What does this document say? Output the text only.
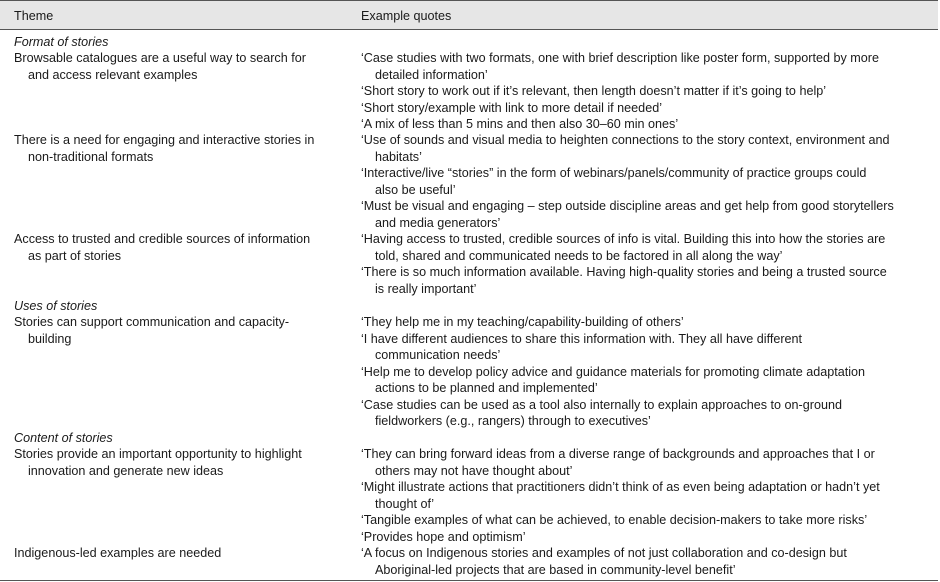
Theme	Example quotes
Format of stories
Uses of stories
Content of stories
Browsable catalogues are a useful way to search for
and access relevant examples
‘Case studies with two formats, one with brief description like poster form, supported by more
detailed information’
‘Short story to work out if it’s relevant, then length doesn’t matter if it’s going to help’
‘Short story/example with link to more detail if needed’
‘A mix of less than 5 mins and then also 30–60 min ones’
There is a need for engaging and interactive stories in
non-traditional formats
‘Use of sounds and visual media to heighten connections to the story context, environment and
habitats’
‘Interactive/live “stories” in the form of webinars/panels/community of practice groups could
also be useful’
‘Must be visual and engaging – step outside discipline areas and get help from good storytellers
and media generators’
Access to trusted and credible sources of information
as part of stories
‘Having access to trusted, credible sources of info is vital. Building this into how the stories are
told, shared and communicated needs to be factored in all along the way’
‘There is so much information available. Having high-quality stories and being a trusted source
is really important’
Stories can support communication and capacity-
building
‘They help me in my teaching/capability-building of others’
‘I have different audiences to share this information with. They all have different
communication needs’
‘Help me to develop policy advice and guidance materials for promoting climate adaptation
actions to be planned and implemented’
‘Case studies can be used as a tool also internally to explain approaches to on-ground
fieldworkers (e.g., rangers) through to executives’
Stories provide an important opportunity to highlight
innovation and generate new ideas
‘They can bring forward ideas from a diverse range of backgrounds and approaches that I or
others may not have thought about’
‘Might illustrate actions that practitioners didn’t think of as even being adaptation or hadn’t yet
thought of’
‘Tangible examples of what can be achieved, to enable decision-makers to take more risks’
‘Provides hope and optimism’
Indigenous-led examples are needed	‘A focus on Indigenous stories and examples of not just collaboration and co-design but
Aboriginal-led projects that are based in community-level benefit’
